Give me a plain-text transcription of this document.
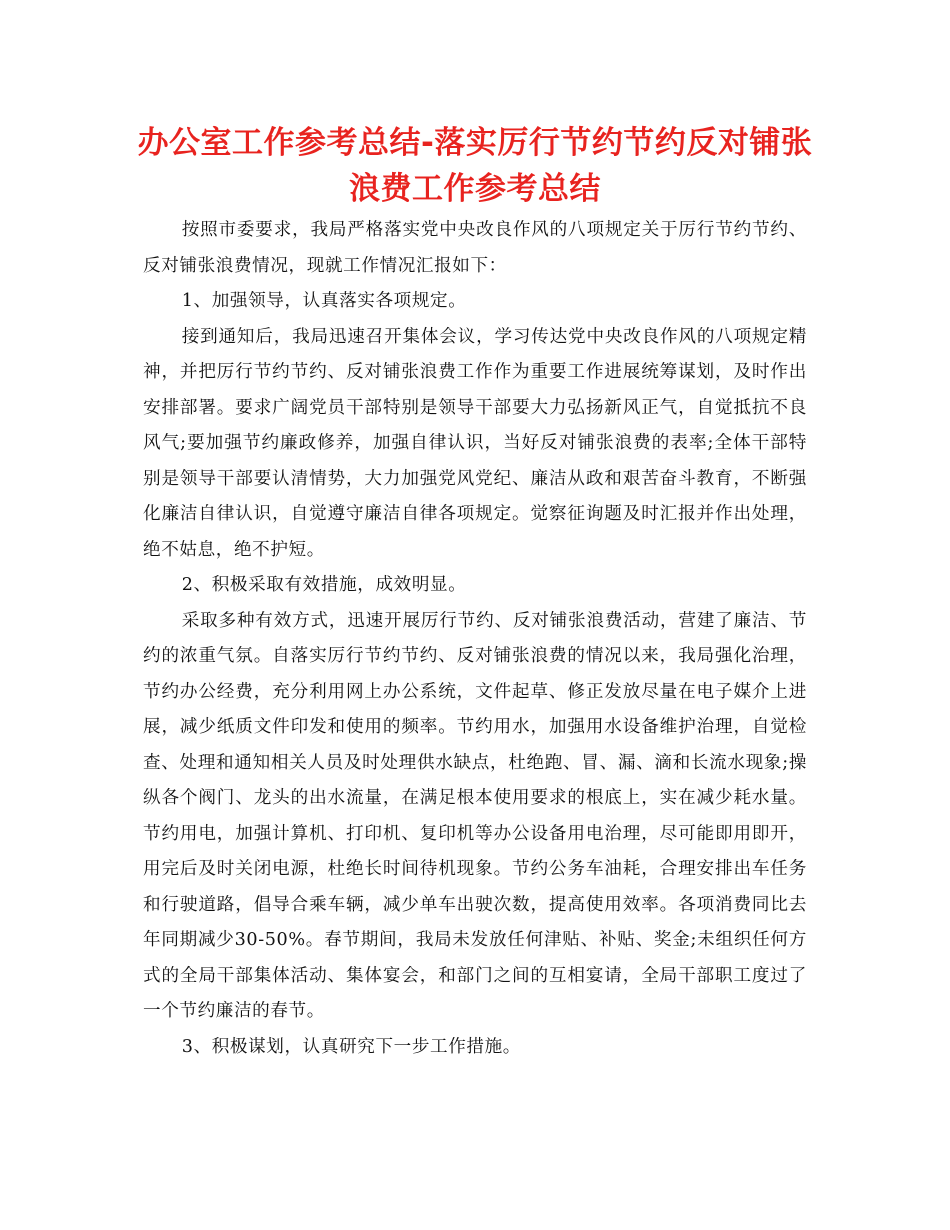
办公室工作参考总结-落实厉行节约节约反对铺张
浪费工作参考总结

按照市委要求，我局严格落实党中央改良作风的八项规定关于厉行节约节约、反对铺张浪费情况，现就工作情况汇报如下：

1、加强领导，认真落实各项规定。

接到通知后，我局迅速召开集体会议，学习传达党中央改良作风的八项规定精神，并把厉行节约节约、反对铺张浪费工作作为重要工作进展统筹谋划，及时作出安排部署。要求广阔党员干部特别是领导干部要大力弘扬新风正气，自觉抵抗不良风气;要加强节约廉政修养，加强自律认识，当好反对铺张浪费的表率;全体干部特别是领导干部要认清情势，大力加强党风党纪、廉洁从政和艰苦奋斗教育，不断强化廉洁自律认识，自觉遵守廉洁自律各项规定。觉察征询题及时汇报并作出处理，绝不姑息，绝不护短。

2、积极采取有效措施，成效明显。

采取多种有效方式，迅速开展厉行节约、反对铺张浪费活动，营建了廉洁、节约的浓重气氛。自落实厉行节约节约、反对铺张浪费的情况以来，我局强化治理，节约办公经费，充分利用网上办公系统，文件起草、修正发放尽量在电子媒介上进展，减少纸质文件印发和使用的频率。节约用水，加强用水设备维护治理，自觉检查、处理和通知相关人员及时处理供水缺点，杜绝跑、冒、漏、滴和长流水现象;操纵各个阀门、龙头的出水流量，在满足根本使用要求的根底上，实在减少耗水量。节约用电，加强计算机、打印机、复印机等办公设备用电治理，尽可能即用即开，用完后及时关闭电源，杜绝长时间待机现象。节约公务车油耗，合理安排出车任务和行驶道路，倡导合乘车辆，减少单车出驶次数，提高使用效率。各项消费同比去年同期减少30-50%。春节期间，我局未发放任何津贴、补贴、奖金;未组织任何方式的全局干部集体活动、集体宴会，和部门之间的互相宴请，全局干部职工度过了一个节约廉洁的春节。

3、积极谋划，认真研究下一步工作措施。
